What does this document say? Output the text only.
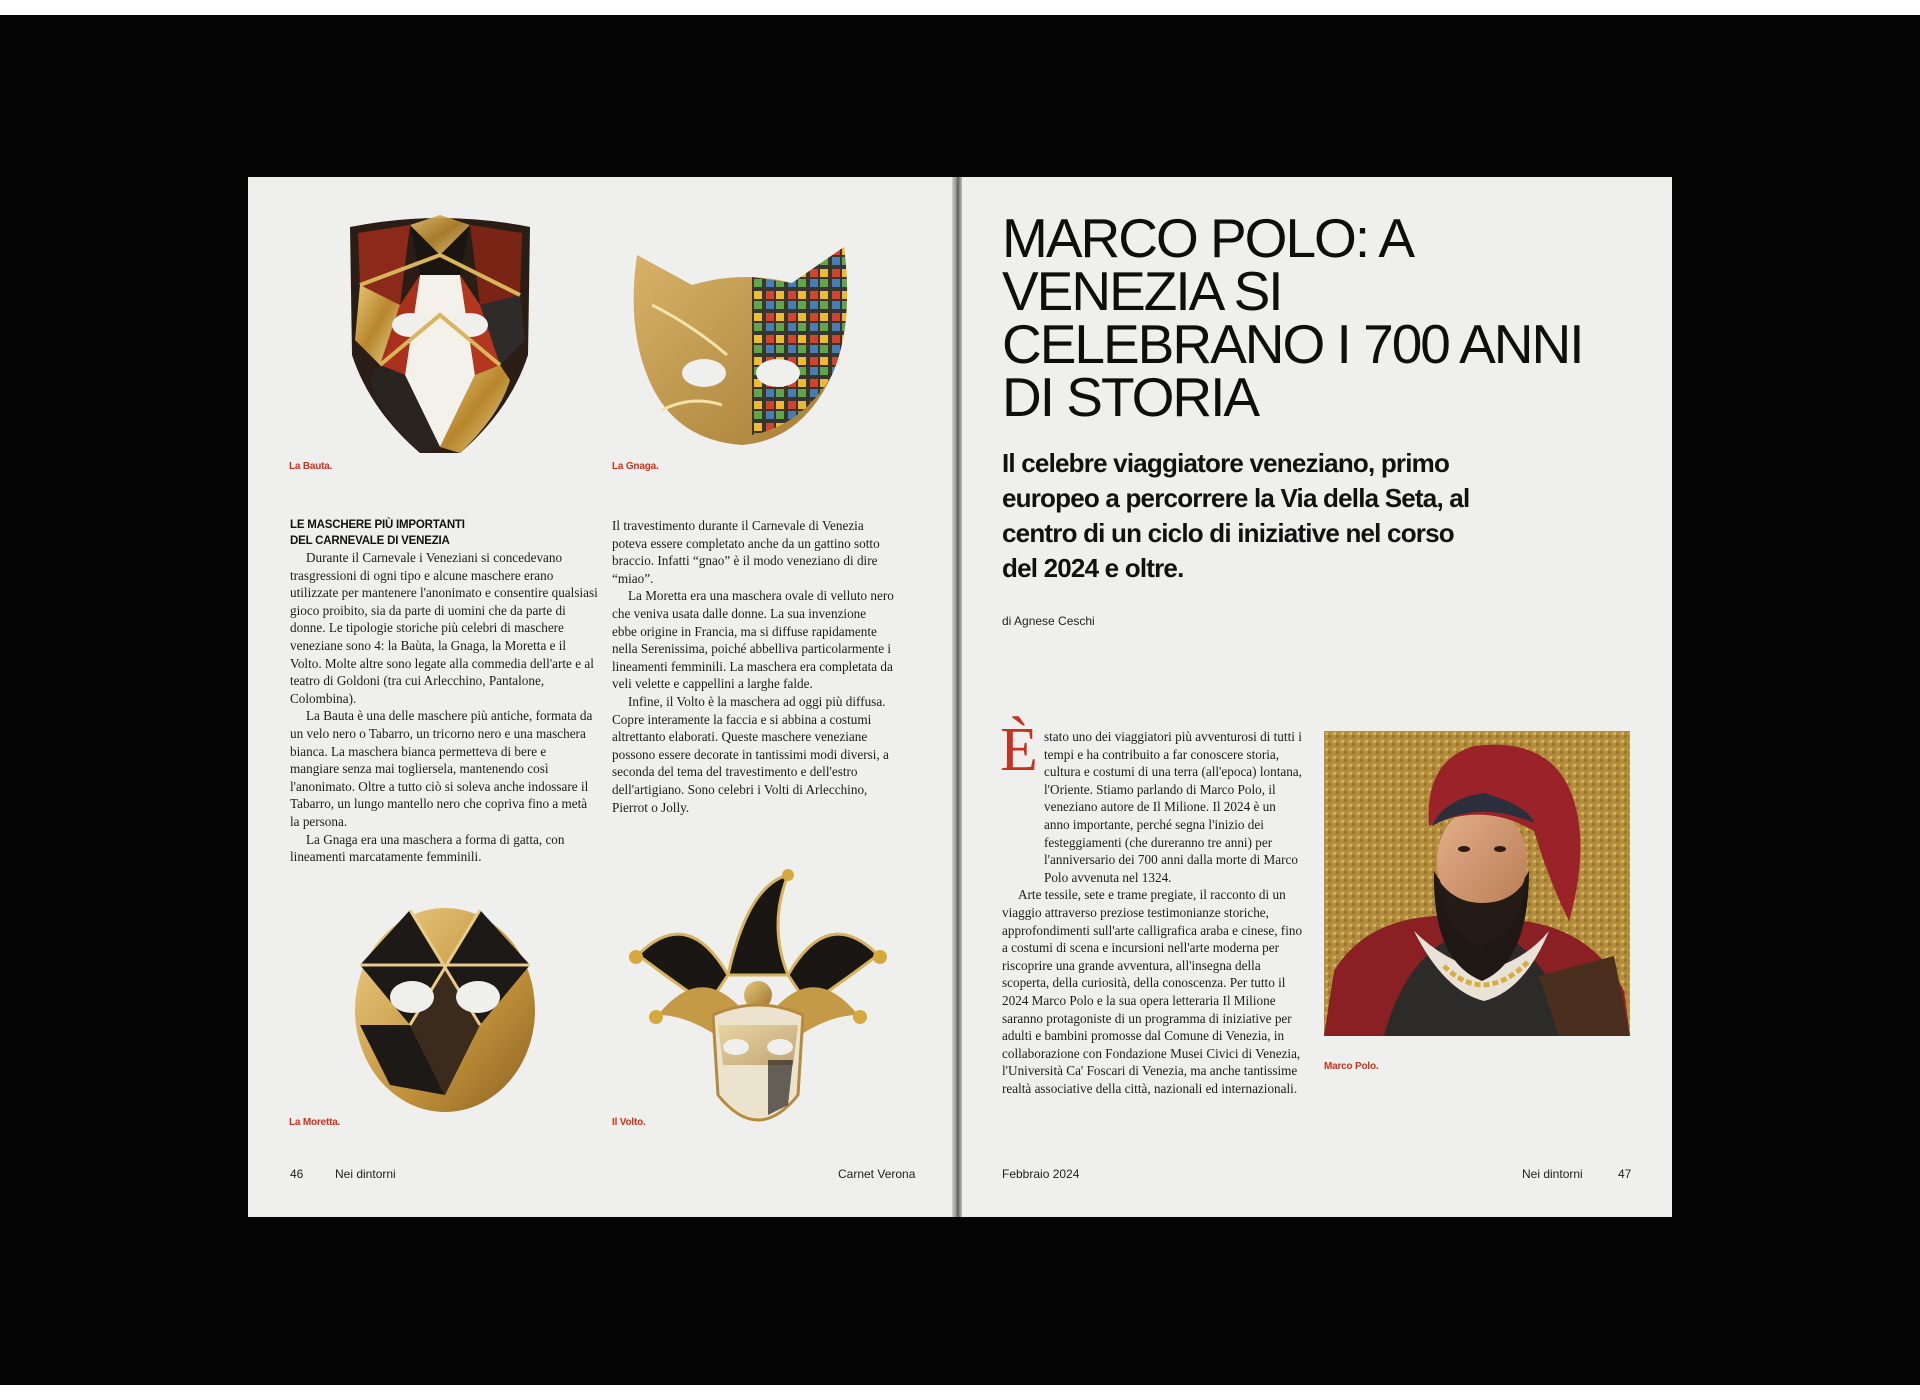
La Bauta.	La Gnaga.
LE MASCHERE PIÙ IMPORTANTI
DEL CARNEVALE DI VENEZIA

Durante il Carnevale i Veneziani si concedevano trasgressioni di ogni tipo e alcune maschere erano utilizzate per mantenere l'anonimato e consentire qualsiasi gioco proibito, sia da parte di uomini che da parte di donne. Le tipologie storiche più celebri di maschere veneziane sono 4: la Baùta, la Gnaga, la Moretta e il Volto. Molte altre sono legate alla commedia dell'arte e al teatro di Goldoni (tra cui Arlecchino, Pantalone, Colombina).

La Bauta è una delle maschere più antiche, formata da un velo nero o Tabarro, un tricorno nero e una maschera bianca. La maschera bianca permetteva di bere e mangiare senza mai togliersela, mantenendo così l'anonimato. Oltre a tutto ciò si soleva anche indossare il Tabarro, un lungo mantello nero che copriva fino a metà la persona.

La Gnaga era una maschera a forma di gatta, con lineamenti marcatamente femminili.

Il travestimento durante il Carnevale di Venezia poteva essere completato anche da un gattino sotto braccio. Infatti “gnao” è il modo veneziano di dire “miao”.

La Moretta era una maschera ovale di velluto nero che veniva usata dalle donne. La sua invenzione ebbe origine in Francia, ma si diffuse rapidamente nella Serenissima, poiché abbelliva particolarmente i lineamenti femminili. La maschera era completata da veli velette e cappellini a larghe falde.

Infine, il Volto è la maschera ad oggi più diffusa. Copre interamente la faccia e si abbina a costumi altrettanto elaborati. Queste maschere veneziane possono essere decorate in tantissimi modi diversi, a seconda del tema del travestimento e dell'estro dell'artigiano. Sono celebri i Volti di Arlecchino, Pierrot o Jolly.

La Moretta.	Il Volto.
46	Nei dintorni	Carnet Verona
MARCO POLO: A VENEZIA SI CELEBRANO I 700 ANNI DI STORIA

Il celebre viaggiatore veneziano, primo europeo a percorrere la Via della Seta, al centro di un ciclo di iniziative nel corso del 2024 e oltre.

di Agnese Ceschi
È stato uno dei viaggiatori più avventurosi di tutti i tempi e ha contribuito a far conoscere storia, cultura e costumi di una terra (all'epoca) lontana, l'Oriente. Stiamo parlando di Marco Polo, il veneziano autore de Il Milione. Il 2024 è un anno importante, perché segna l'inizio dei festeggiamenti (che dureranno tre anni) per l'anniversario dei 700 anni dalla morte di Marco Polo avvenuta nel 1324.

Arte tessile, sete e trame pregiate, il racconto di un viaggio attraverso preziose testimonianze storiche, approfondimenti sull'arte calligrafica araba e cinese, fino a costumi di scena e incursioni nell'arte moderna per riscoprire una grande avventura, all'insegna della scoperta, della curiosità, della conoscenza. Per tutto il 2024 Marco Polo e la sua opera letteraria Il Milione saranno protagoniste di un programma di iniziative per adulti e bambini promosse dal Comune di Venezia, in collaborazione con Fondazione Musei Civici di Venezia, l'Università Ca' Foscari di Venezia, ma anche tantissime realtà associative della città, nazionali ed internazionali.

Marco Polo.
Febbraio 2024	Nei dintorni	47
